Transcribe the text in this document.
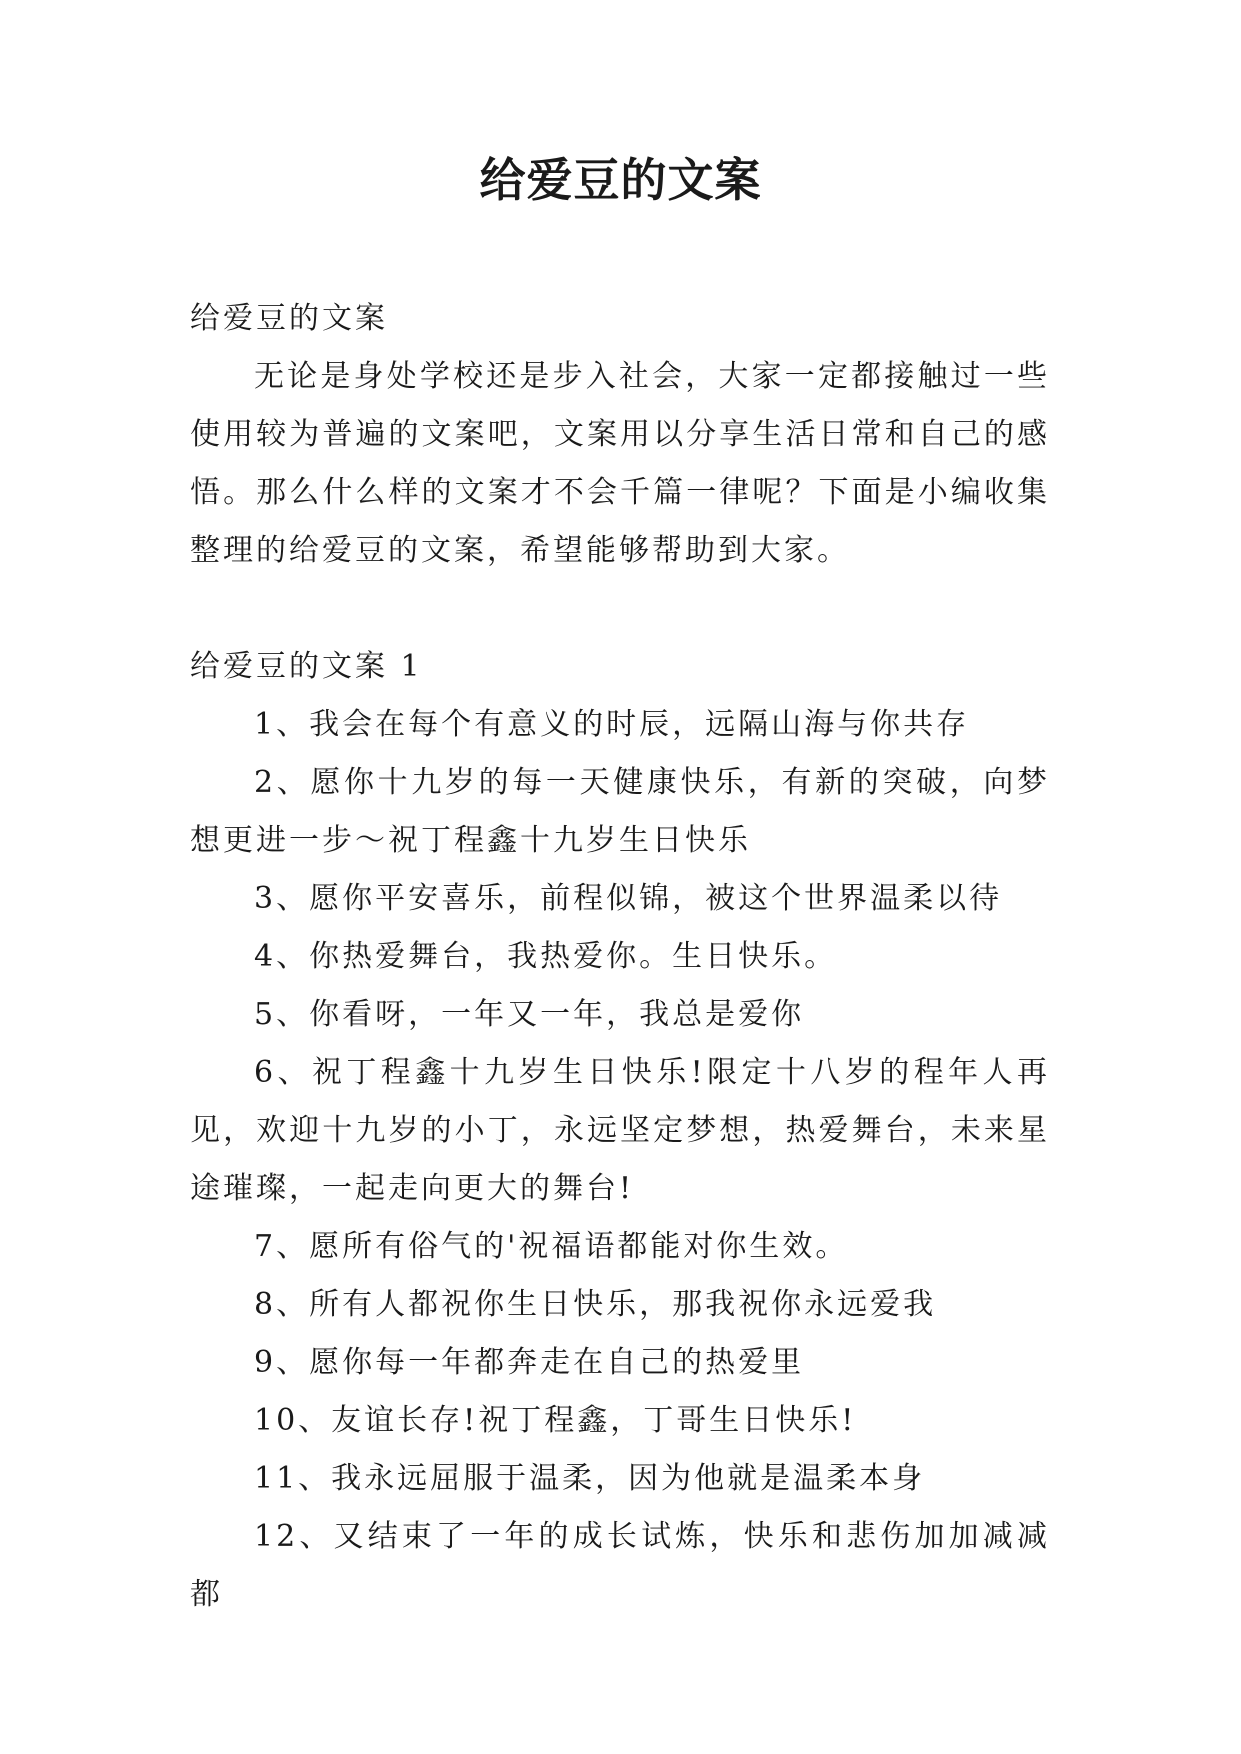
给爱豆的文案

给爱豆的文案

无论是身处学校还是步入社会，大家一定都接触过一些使用较为普遍的文案吧，文案用以分享生活日常和自己的感悟。那么什么样的文案才不会千篇一律呢？下面是小编收集整理的给爱豆的文案，希望能够帮助到大家。

给爱豆的文案 1

1、我会在每个有意义的时辰，远隔山海与你共存

2、愿你十九岁的每一天健康快乐，有新的突破，向梦想更进一步～祝丁程鑫十九岁生日快乐

3、愿你平安喜乐，前程似锦，被这个世界温柔以待

4、你热爱舞台，我热爱你。生日快乐。

5、你看呀，一年又一年，我总是爱你

6、祝丁程鑫十九岁生日快乐!限定十八岁的程年人再见，欢迎十九岁的小丁，永远坚定梦想，热爱舞台，未来星途璀璨，一起走向更大的舞台!

7、愿所有俗气的'祝福语都能对你生效。

8、所有人都祝你生日快乐，那我祝你永远爱我

9、愿你每一年都奔走在自己的热爱里

10、友谊长存!祝丁程鑫，丁哥生日快乐!

11、我永远屈服于温柔，因为他就是温柔本身

12、又结束了一年的成长试炼，快乐和悲伤加加减减都
